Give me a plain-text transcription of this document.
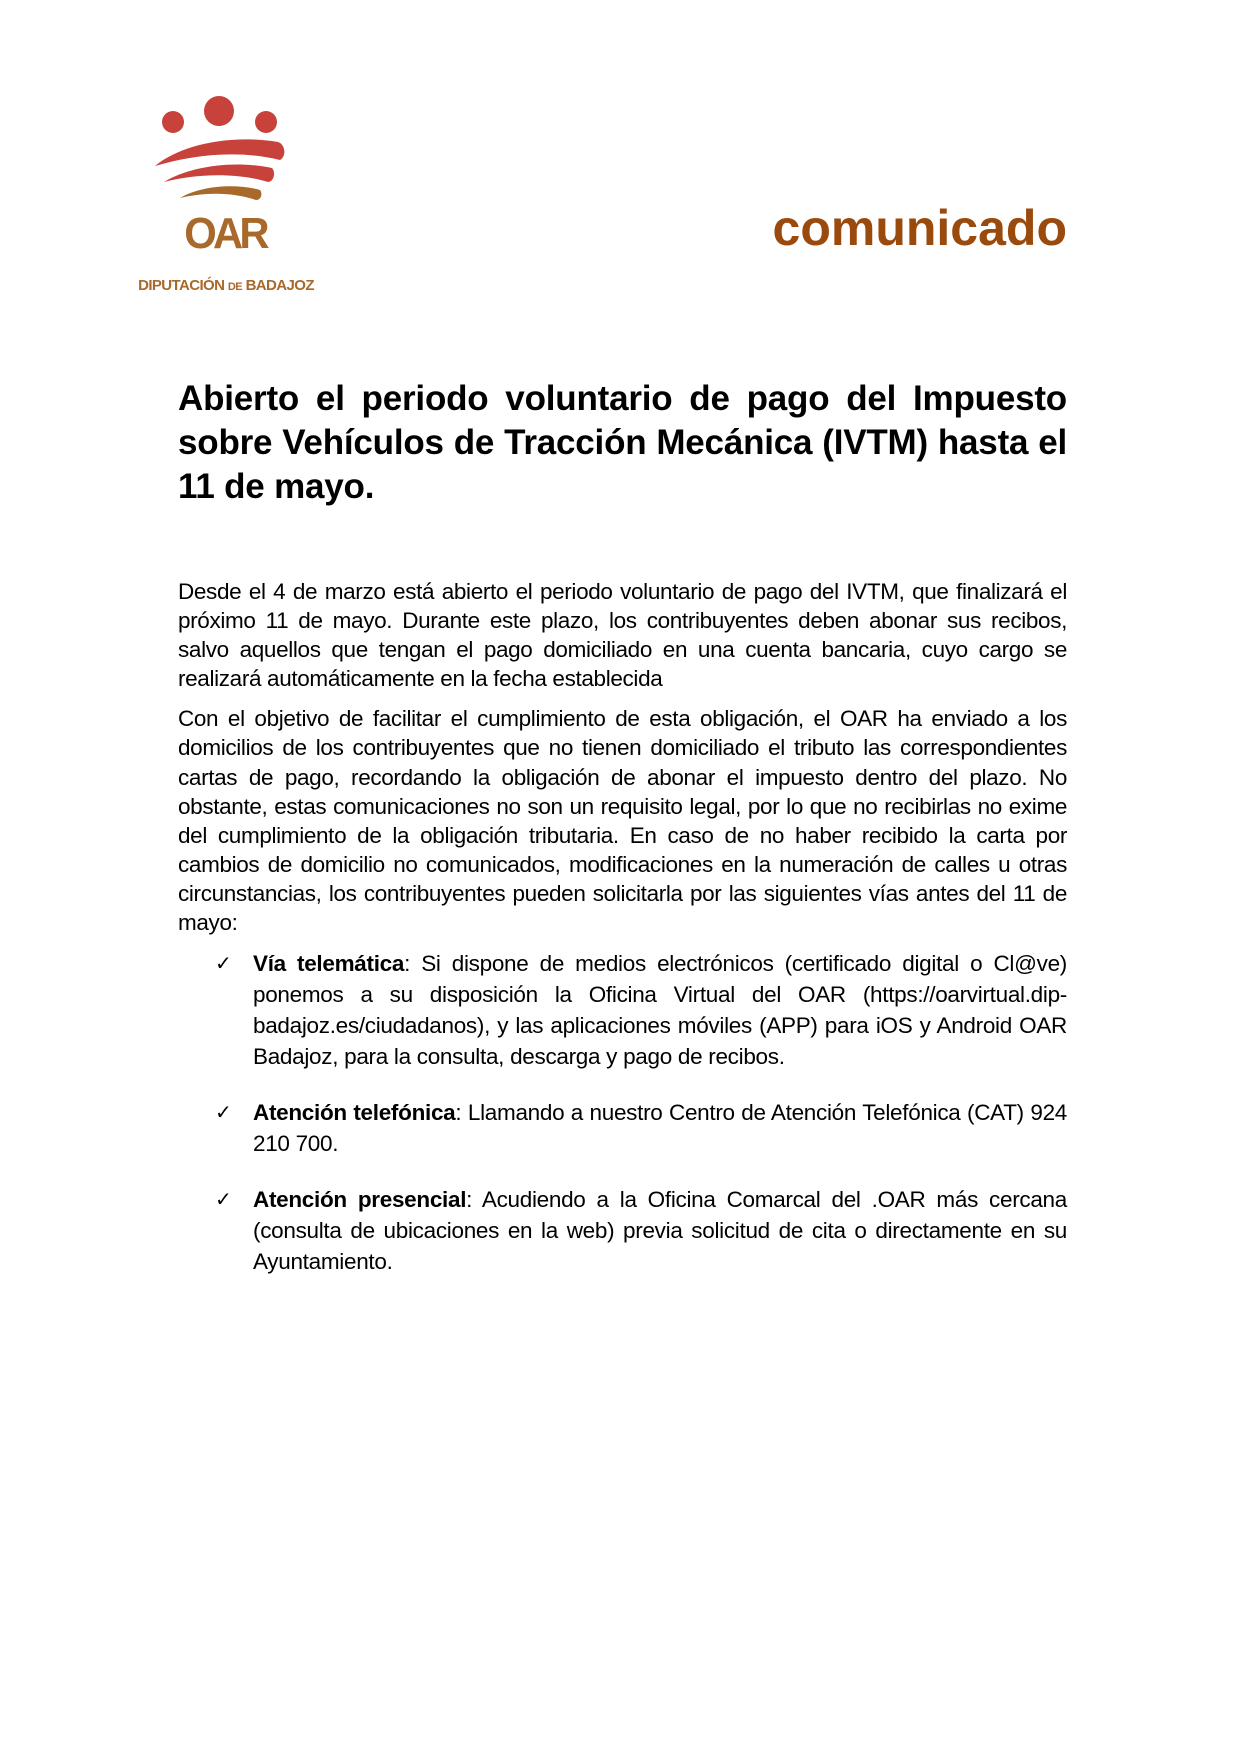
OAR
DIPUTACIÓN DE BADAJOZ
comunicado
Abierto el periodo voluntario de pago del Impuesto sobre Vehículos de Tracción Mecánica (IVTM) hasta el 11 de mayo.

Desde el 4 de marzo está abierto el periodo voluntario de pago del IVTM, que finalizará el próximo 11 de mayo. Durante este plazo, los contribuyentes deben abonar sus recibos, salvo aquellos que tengan el pago domiciliado en una cuenta bancaria, cuyo cargo se realizará automáticamente en la fecha establecida

Con el objetivo de facilitar el cumplimiento de esta obligación, el OAR ha enviado a los domicilios de los contribuyentes que no tienen domiciliado el tributo las correspondientes cartas de pago, recordando la obligación de abonar el impuesto dentro del plazo. No obstante, estas comunicaciones no son un requisito legal, por lo que no recibirlas no exime del cumplimiento de la obligación tributaria. En caso de no haber recibido la carta por cambios de domicilio no comunicados, modificaciones en la numeración de calles u otras circunstancias, los contribuyentes pueden solicitarla por las siguientes vías antes del 11 de mayo:

✓ Vía telemática: Si dispone de medios electrónicos (certificado digital o Cl@ve) ponemos a su disposición la Oficina Virtual del OAR (https://oarvirtual.dip-badajoz.es/ciudadanos), y las aplicaciones móviles (APP) para iOS y Android OAR Badajoz, para la consulta, descarga y pago de recibos.
✓ Atención telefónica: Llamando a nuestro Centro de Atención Telefónica (CAT) 924 210 700.
✓ Atención presencial: Acudiendo a la Oficina Comarcal del .OAR más cercana (consulta de ubicaciones en la web) previa solicitud de cita o directamente en su Ayuntamiento.
